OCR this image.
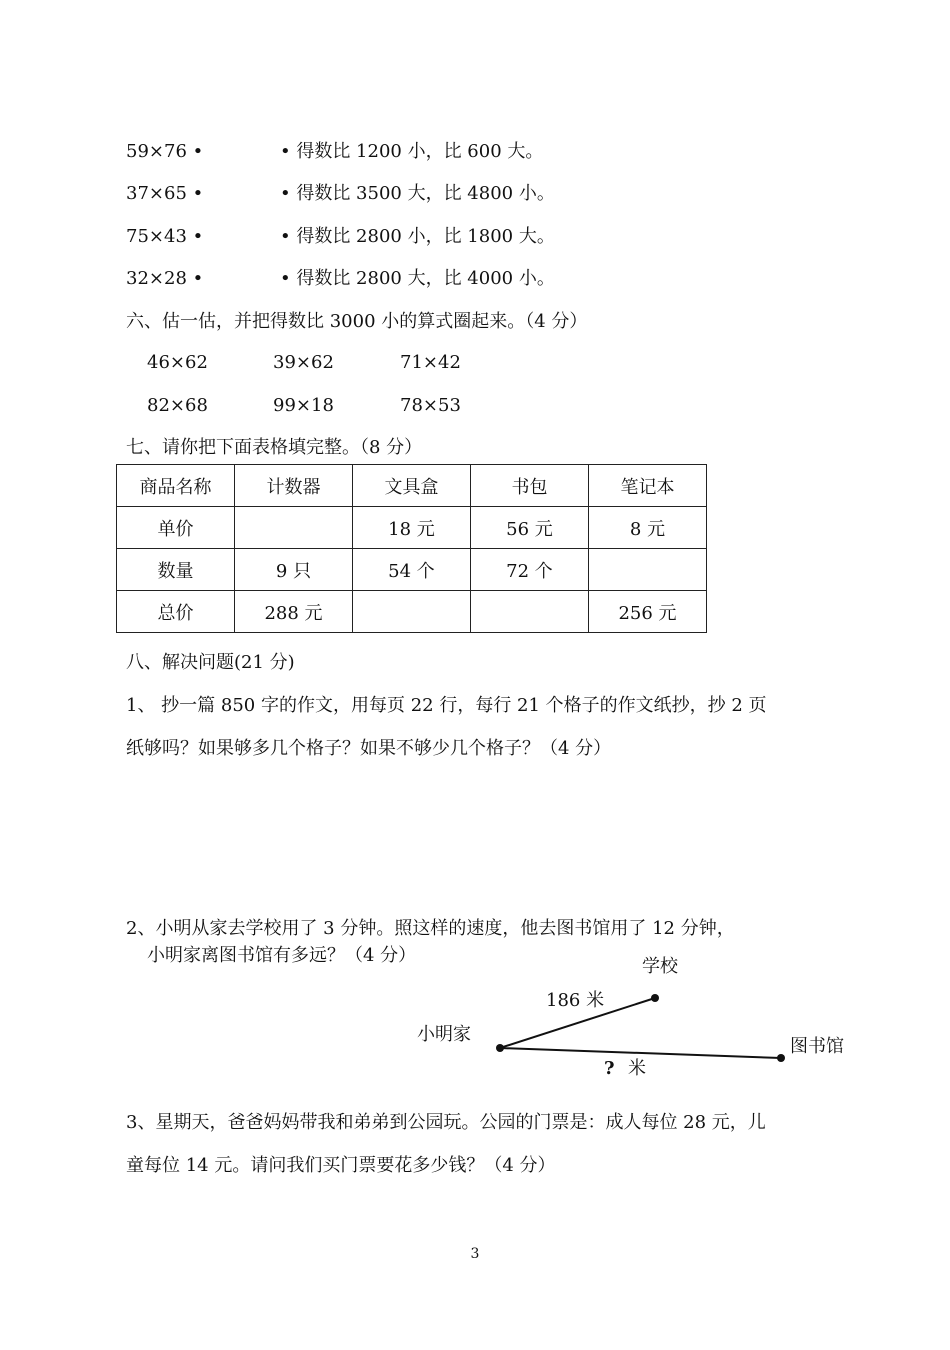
59×76 •	• 得数比 1200 小，比 600 大。
37×65 •	• 得数比 3500 大，比 4800 小。
75×43 •	• 得数比 2800 小，比 1800 大。
32×28 •	• 得数比 2800 大，比 4000 小。
六、估一估，并把得数比 3000 小的算式圈起来。（4 分）
46×62	39×62	71×42
82×68	99×18	78×53
七、请你把下面表格填完整。（8 分）
商品名称	计数器	文具盒	书包	笔记本
单价		18 元	56 元	8 元
数量	9 只	54 个	72 个	
总价	288 元			256 元
八、解决问题(21 分)
1、 抄一篇 850 字的作文，用每页 22 行，每行 21 个格子的作文纸抄，抄 2 页
纸够吗？如果够多几个格子？如果不够少几个格子？（4 分）
2、小明从家去学校用了 3 分钟。照这样的速度，他去图书馆用了 12 分钟，
小明家离图书馆有多远？（4 分）
学校
186 米
小明家
图书馆
? 米
3、星期天，爸爸妈妈带我和弟弟到公园玩。公园的门票是：成人每位 28 元，儿
童每位 14 元。请问我们买门票要花多少钱？（4 分）
3
